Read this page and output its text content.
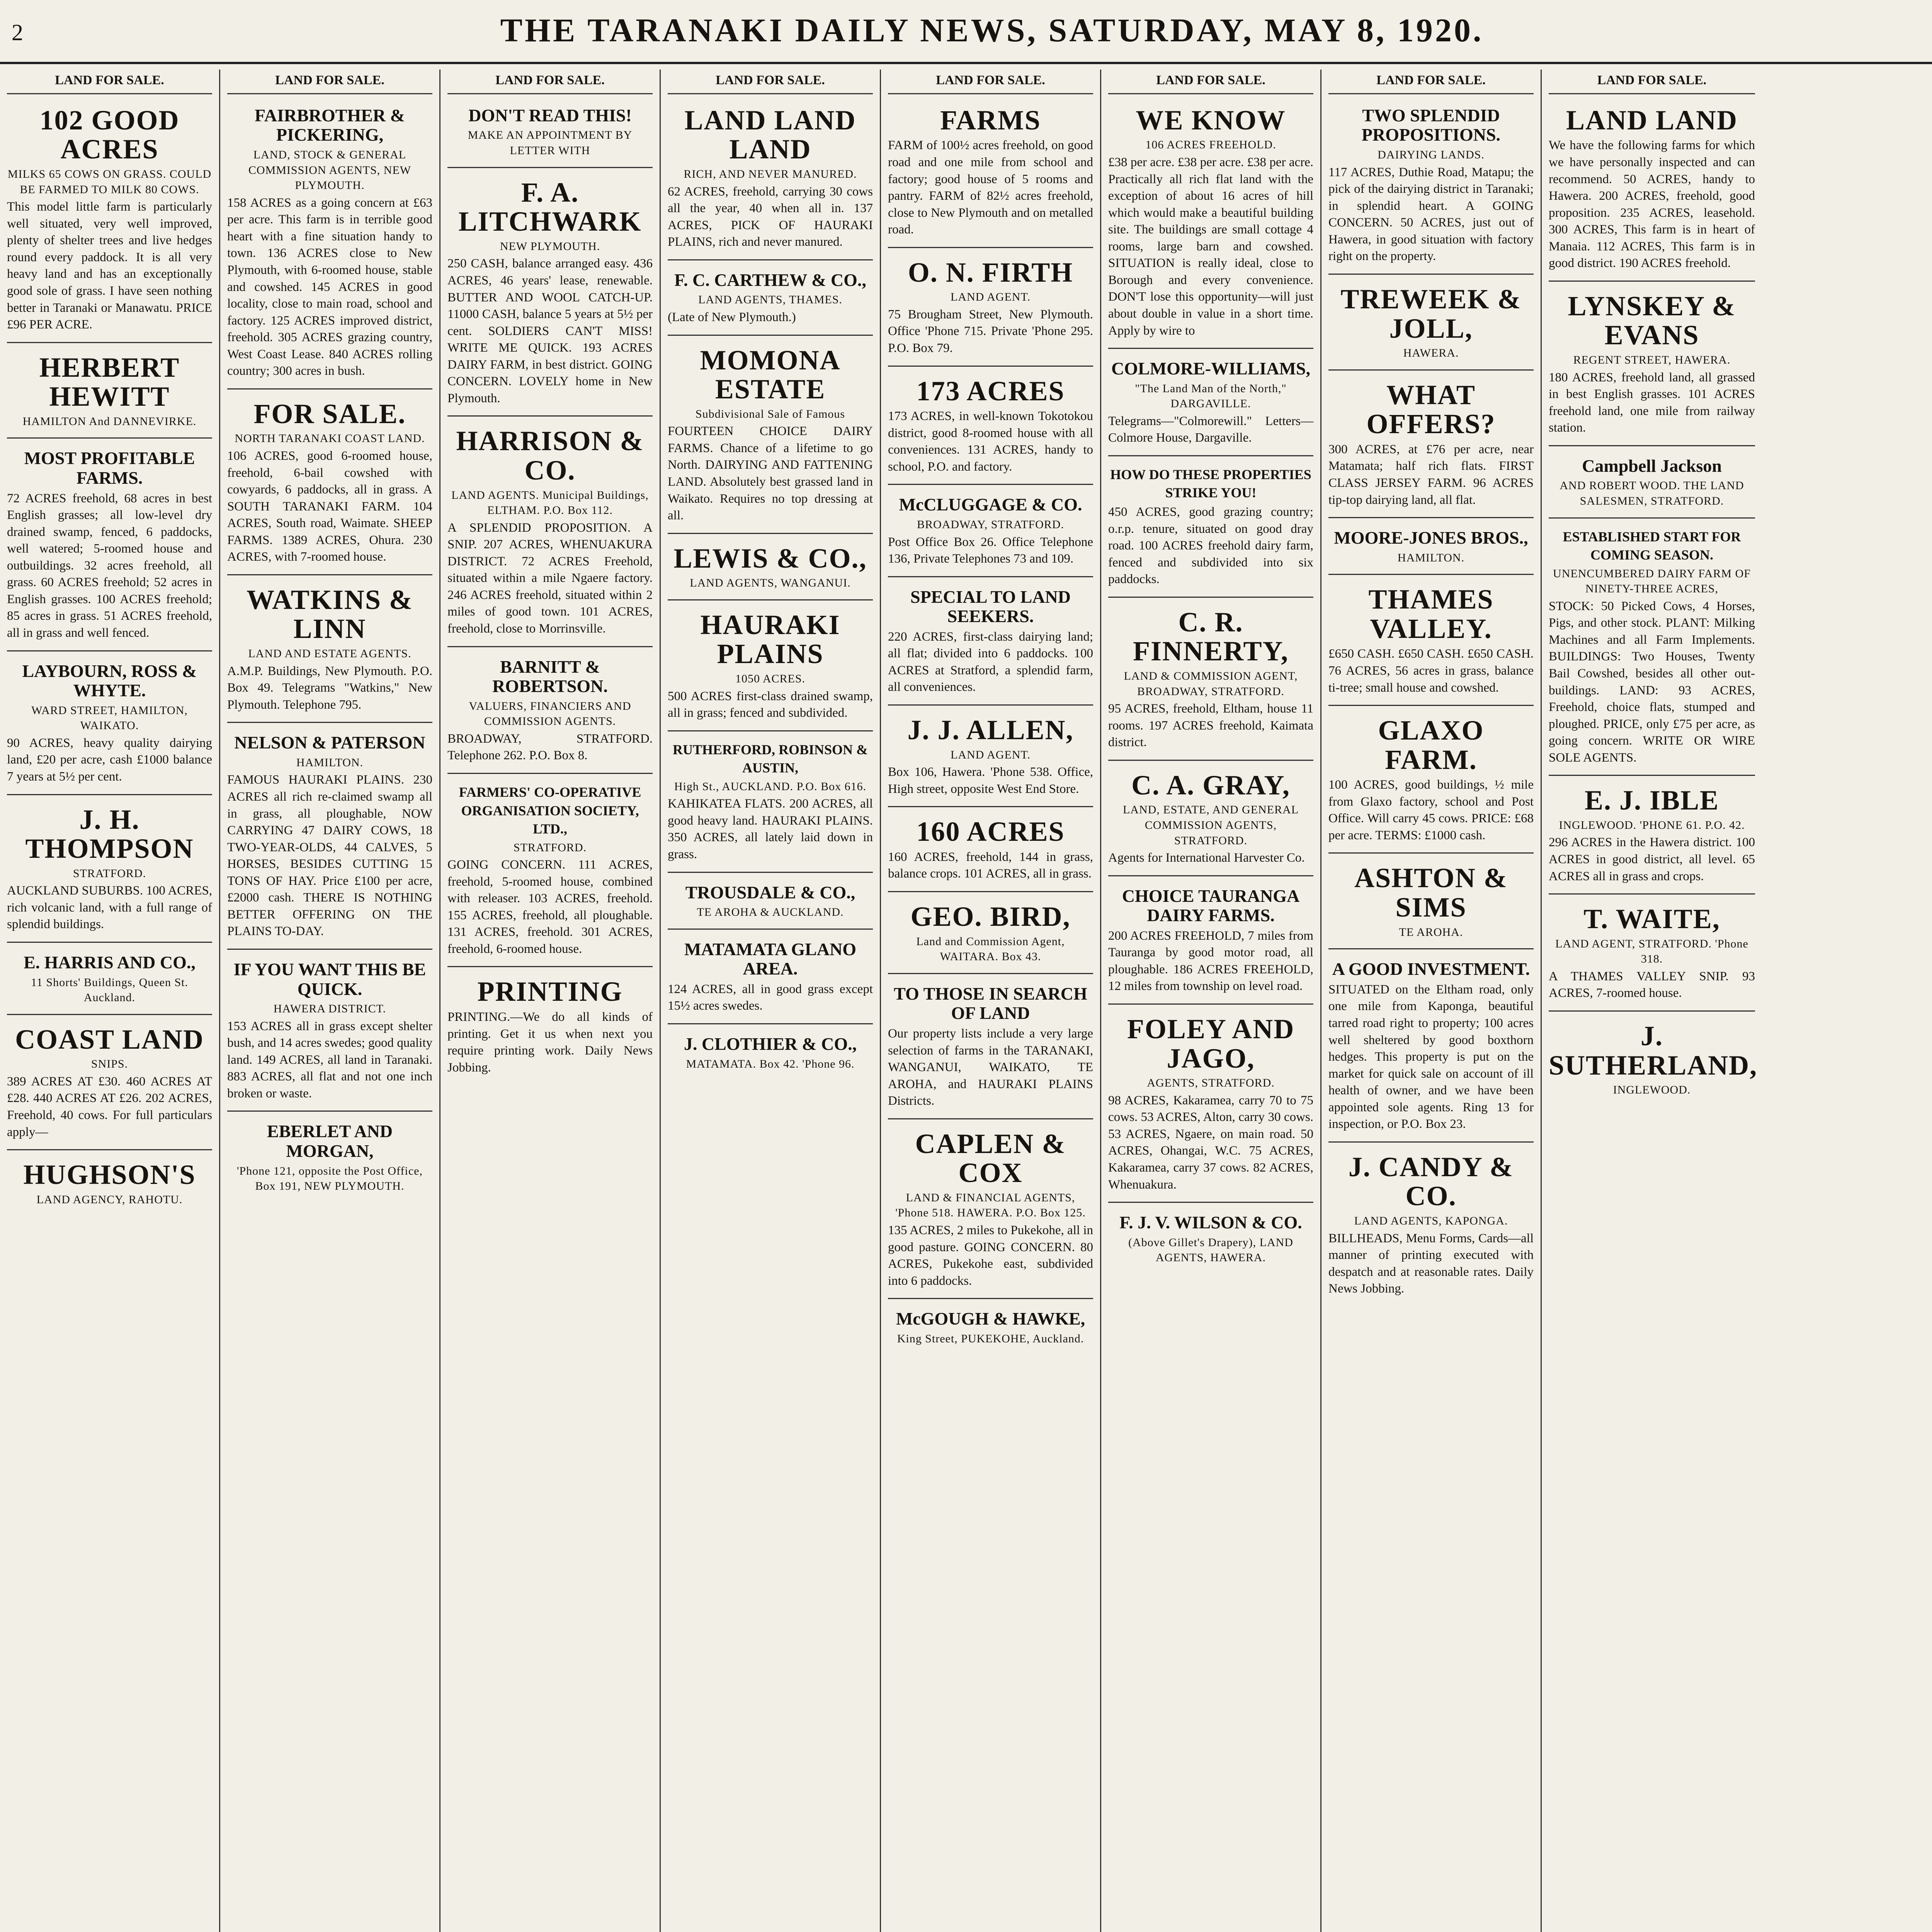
2	THE TARANAKI DAILY NEWS, SATURDAY, MAY 8, 1920.
LAND FOR SALE.
102 GOOD ACRES
MILKS 65 COWS ON GRASS. COULD BE FARMED TO MILK 80 COWS.

This model little farm is particularly well situated, very well improved, plenty of shelter trees and live hedges round every paddock. It is all very heavy land and has an exceptionally good sole of grass. I have seen nothing better in Taranaki or Manawatu. PRICE £96 PER ACRE.

HERBERT HEWITT
HAMILTON And DANNEVIRKE.
MOST PROFITABLE FARMS.

72 ACRES freehold, 68 acres in best English grasses; all low-level dry drained swamp, fenced, 6 paddocks, well watered; 5-roomed house and outbuildings. 32 acres freehold, all grass. 60 ACRES freehold; 52 acres in English grasses. 100 ACRES freehold; 85 acres in grass. 51 ACRES freehold, all in grass and well fenced.

LAYBOURN, ROSS & WHYTE.
WARD STREET, HAMILTON, WAIKATO.

90 ACRES, heavy quality dairying land, £20 per acre, cash £1000 balance 7 years at 5½ per cent.

J. H. THOMPSON
STRATFORD.

AUCKLAND SUBURBS. 100 ACRES, rich volcanic land, with a full range of splendid buildings.

E. HARRIS AND CO.,
11 Shorts' Buildings, Queen St. Auckland.
COAST LAND
SNIPS.

389 ACRES AT £30. 460 ACRES AT £28. 440 ACRES AT £26. 202 ACRES, Freehold, 40 cows. For full particulars apply—

HUGHSON'S
LAND AGENCY, RAHOTU.
LAND FOR SALE.
FAIRBROTHER & PICKERING,
LAND, STOCK & GENERAL COMMISSION AGENTS, NEW PLYMOUTH.

158 ACRES as a going concern at £63 per acre. This farm is in terrible good heart with a fine situation handy to town. 136 ACRES close to New Plymouth, with 6-roomed house, stable and cowshed. 145 ACRES in good locality, close to main road, school and factory. 125 ACRES improved district, freehold. 305 ACRES grazing country, West Coast Lease. 840 ACRES rolling country; 300 acres in bush.

FOR SALE.
NORTH TARANAKI COAST LAND.

106 ACRES, good 6-roomed house, freehold, 6-bail cowshed with cowyards, 6 paddocks, all in grass. A SOUTH TARANAKI FARM. 104 ACRES, South road, Waimate. SHEEP FARMS. 1389 ACRES, Ohura. 230 ACRES, with 7-roomed house.

WATKINS & LINN
LAND AND ESTATE AGENTS.

A.M.P. Buildings, New Plymouth. P.O. Box 49. Telegrams "Watkins," New Plymouth. Telephone 795.

NELSON & PATERSON
HAMILTON.

FAMOUS HAURAKI PLAINS. 230 ACRES all rich re-claimed swamp all in grass, all ploughable, NOW CARRYING 47 DAIRY COWS, 18 TWO-YEAR-OLDS, 44 CALVES, 5 HORSES, BESIDES CUTTING 15 TONS OF HAY. Price £100 per acre, £2000 cash. THERE IS NOTHING BETTER OFFERING ON THE PLAINS TO-DAY.

IF YOU WANT THIS BE QUICK.
HAWERA DISTRICT.

153 ACRES all in grass except shelter bush, and 14 acres swedes; good quality land. 149 ACRES, all land in Taranaki. 883 ACRES, all flat and not one inch broken or waste.

EBERLET AND MORGAN,
'Phone 121, opposite the Post Office, Box 191, NEW PLYMOUTH.
LAND FOR SALE.
DON'T READ THIS!
MAKE AN APPOINTMENT BY LETTER WITH
F. A. LITCHWARK
NEW PLYMOUTH.

250 CASH, balance arranged easy. 436 ACRES, 46 years' lease, renewable. BUTTER AND WOOL CATCH-UP. 11000 CASH, balance 5 years at 5½ per cent. SOLDIERS CAN'T MISS! WRITE ME QUICK. 193 ACRES DAIRY FARM, in best district. GOING CONCERN. LOVELY home in New Plymouth.

HARRISON & CO.
LAND AGENTS. Municipal Buildings, ELTHAM. P.O. Box 112.

A SPLENDID PROPOSITION. A SNIP. 207 ACRES, WHENUAKURA DISTRICT. 72 ACRES Freehold, situated within a mile Ngaere factory. 246 ACRES freehold, situated within 2 miles of good town. 101 ACRES, freehold, close to Morrinsville.

BARNITT & ROBERTSON.
VALUERS, FINANCIERS AND COMMISSION AGENTS.

BROADWAY, STRATFORD. Telephone 262. P.O. Box 8.

FARMERS' CO-OPERATIVE ORGANISATION SOCIETY, LTD.,
STRATFORD.

GOING CONCERN. 111 ACRES, freehold, 5-roomed house, combined with releaser. 103 ACRES, freehold. 155 ACRES, freehold, all ploughable. 131 ACRES, freehold. 301 ACRES, freehold, 6-roomed house.

PRINTING

PRINTING.—We do all kinds of printing. Get it us when next you require printing work. Daily News Jobbing.

LAND FOR SALE.
LAND LAND LAND
RICH, AND NEVER MANURED.

62 ACRES, freehold, carrying 30 cows all the year, 40 when all in. 137 ACRES, PICK OF HAURAKI PLAINS, rich and never manured.

F. C. CARTHEW & CO.,
LAND AGENTS, THAMES.

(Late of New Plymouth.)

MOMONA ESTATE
Subdivisional Sale of Famous

FOURTEEN CHOICE DAIRY FARMS. Chance of a lifetime to go North. DAIRYING AND FATTENING LAND. Absolutely best grassed land in Waikato. Requires no top dressing at all.

LEWIS & CO.,
LAND AGENTS, WANGANUI.
HAURAKI PLAINS
1050 ACRES.

500 ACRES first-class drained swamp, all in grass; fenced and subdivided.

RUTHERFORD, ROBINSON & AUSTIN,
High St., AUCKLAND. P.O. Box 616.

KAHIKATEA FLATS. 200 ACRES, all good heavy land. HAURAKI PLAINS. 350 ACRES, all lately laid down in grass.

TROUSDALE & CO.,
TE AROHA & AUCKLAND.
MATAMATA GLANO AREA.

124 ACRES, all in good grass except 15½ acres swedes.

J. CLOTHIER & CO.,
MATAMATA. Box 42. 'Phone 96.
LAND FOR SALE.
FARMS

FARM of 100½ acres freehold, on good road and one mile from school and factory; good house of 5 rooms and pantry. FARM of 82½ acres freehold, close to New Plymouth and on metalled road.

O. N. FIRTH
LAND AGENT.

75 Brougham Street, New Plymouth. Office 'Phone 715. Private 'Phone 295. P.O. Box 79.

173 ACRES

173 ACRES, in well-known Tokotokou district, good 8-roomed house with all conveniences. 131 ACRES, handy to school, P.O. and factory.

McCLUGGAGE & CO.
BROADWAY, STRATFORD.

Post Office Box 26. Office Telephone 136, Private Telephones 73 and 109.

SPECIAL TO LAND SEEKERS.

220 ACRES, first-class dairying land; all flat; divided into 6 paddocks. 100 ACRES at Stratford, a splendid farm, all conveniences.

J. J. ALLEN,
LAND AGENT.

Box 106, Hawera. 'Phone 538. Office, High street, opposite West End Store.

160 ACRES

160 ACRES, freehold, 144 in grass, balance crops. 101 ACRES, all in grass.

GEO. BIRD,
Land and Commission Agent, WAITARA. Box 43.
TO THOSE IN SEARCH OF LAND

Our property lists include a very large selection of farms in the TARANAKI, WANGANUI, WAIKATO, TE AROHA, and HAURAKI PLAINS Districts.

CAPLEN & COX
LAND & FINANCIAL AGENTS, 'Phone 518. HAWERA. P.O. Box 125.

135 ACRES, 2 miles to Pukekohe, all in good pasture. GOING CONCERN. 80 ACRES, Pukekohe east, subdivided into 6 paddocks.

McGOUGH & HAWKE,
King Street, PUKEKOHE, Auckland.
LAND FOR SALE.
WE KNOW
106 ACRES FREEHOLD.

£38 per acre. £38 per acre. £38 per acre. Practically all rich flat land with the exception of about 16 acres of hill which would make a beautiful building site. The buildings are small cottage 4 rooms, large barn and cowshed. SITUATION is really ideal, close to Borough and every convenience. DON'T lose this opportunity—will just about double in value in a short time. Apply by wire to

COLMORE-WILLIAMS,
"The Land Man of the North," DARGAVILLE.

Telegrams—"Colmorewill." Letters—Colmore House, Dargaville.

HOW DO THESE PROPERTIES STRIKE YOU!

450 ACRES, good grazing country; o.r.p. tenure, situated on good dray road. 100 ACRES freehold dairy farm, fenced and subdivided into six paddocks.

C. R. FINNERTY,
LAND & COMMISSION AGENT, BROADWAY, STRATFORD.

95 ACRES, freehold, Eltham, house 11 rooms. 197 ACRES freehold, Kaimata district.

C. A. GRAY,
LAND, ESTATE, AND GENERAL COMMISSION AGENTS, STRATFORD.

Agents for International Harvester Co.

CHOICE TAURANGA DAIRY FARMS.

200 ACRES FREEHOLD, 7 miles from Tauranga by good motor road, all ploughable. 186 ACRES FREEHOLD, 12 miles from township on level road.

FOLEY AND JAGO,
AGENTS, STRATFORD.

98 ACRES, Kakaramea, carry 70 to 75 cows. 53 ACRES, Alton, carry 30 cows. 53 ACRES, Ngaere, on main road. 50 ACRES, Ohangai, W.C. 75 ACRES, Kakaramea, carry 37 cows. 82 ACRES, Whenuakura.

F. J. V. WILSON & CO.
(Above Gillet's Drapery), LAND AGENTS, HAWERA.
LAND FOR SALE.
TWO SPLENDID PROPOSITIONS.
DAIRYING LANDS.

117 ACRES, Duthie Road, Matapu; the pick of the dairying district in Taranaki; in splendid heart. A GOING CONCERN. 50 ACRES, just out of Hawera, in good situation with factory right on the property.

TREWEEK & JOLL,
HAWERA.
WHAT OFFERS?

300 ACRES, at £76 per acre, near Matamata; half rich flats. FIRST CLASS JERSEY FARM. 96 ACRES tip-top dairying land, all flat.

MOORE-JONES BROS.,
HAMILTON.
THAMES VALLEY.

£650 CASH. £650 CASH. £650 CASH. 76 ACRES, 56 acres in grass, balance ti-tree; small house and cowshed.

GLAXO FARM.

100 ACRES, good buildings, ½ mile from Glaxo factory, school and Post Office. Will carry 45 cows. PRICE: £68 per acre. TERMS: £1000 cash.

ASHTON & SIMS
TE AROHA.
A GOOD INVESTMENT.

SITUATED on the Eltham road, only one mile from Kaponga, beautiful tarred road right to property; 100 acres well sheltered by good boxthorn hedges. This property is put on the market for quick sale on account of ill health of owner, and we have been appointed sole agents. Ring 13 for inspection, or P.O. Box 23.

J. CANDY & CO.
LAND AGENTS, KAPONGA.

BILLHEADS, Menu Forms, Cards—all manner of printing executed with despatch and at reasonable rates. Daily News Jobbing.

LAND FOR SALE.
LAND LAND

We have the following farms for which we have personally inspected and can recommend. 50 ACRES, handy to Hawera. 200 ACRES, freehold, good proposition. 235 ACRES, leasehold. 300 ACRES, This farm is in heart of Manaia. 112 ACRES, This farm is in good district. 190 ACRES freehold.

LYNSKEY & EVANS
REGENT STREET, HAWERA.

180 ACRES, freehold land, all grassed in best English grasses. 101 ACRES freehold land, one mile from railway station.

Campbell Jackson
AND ROBERT WOOD. THE LAND SALESMEN, STRATFORD.
ESTABLISHED START FOR COMING SEASON.
UNENCUMBERED DAIRY FARM OF NINETY-THREE ACRES,

STOCK: 50 Picked Cows, 4 Horses, Pigs, and other stock. PLANT: Milking Machines and all Farm Implements. BUILDINGS: Two Houses, Twenty Bail Cowshed, besides all other out-buildings. LAND: 93 ACRES, Freehold, choice flats, stumped and ploughed. PRICE, only £75 per acre, as going concern. WRITE OR WIRE SOLE AGENTS.

E. J. IBLE
INGLEWOOD. 'PHONE 61. P.O. 42.

296 ACRES in the Hawera district. 100 ACRES in good district, all level. 65 ACRES all in grass and crops.

T. WAITE,
LAND AGENT, STRATFORD. 'Phone 318.

A THAMES VALLEY SNIP. 93 ACRES, 7-roomed house.

J. SUTHERLAND,
INGLEWOOD.
